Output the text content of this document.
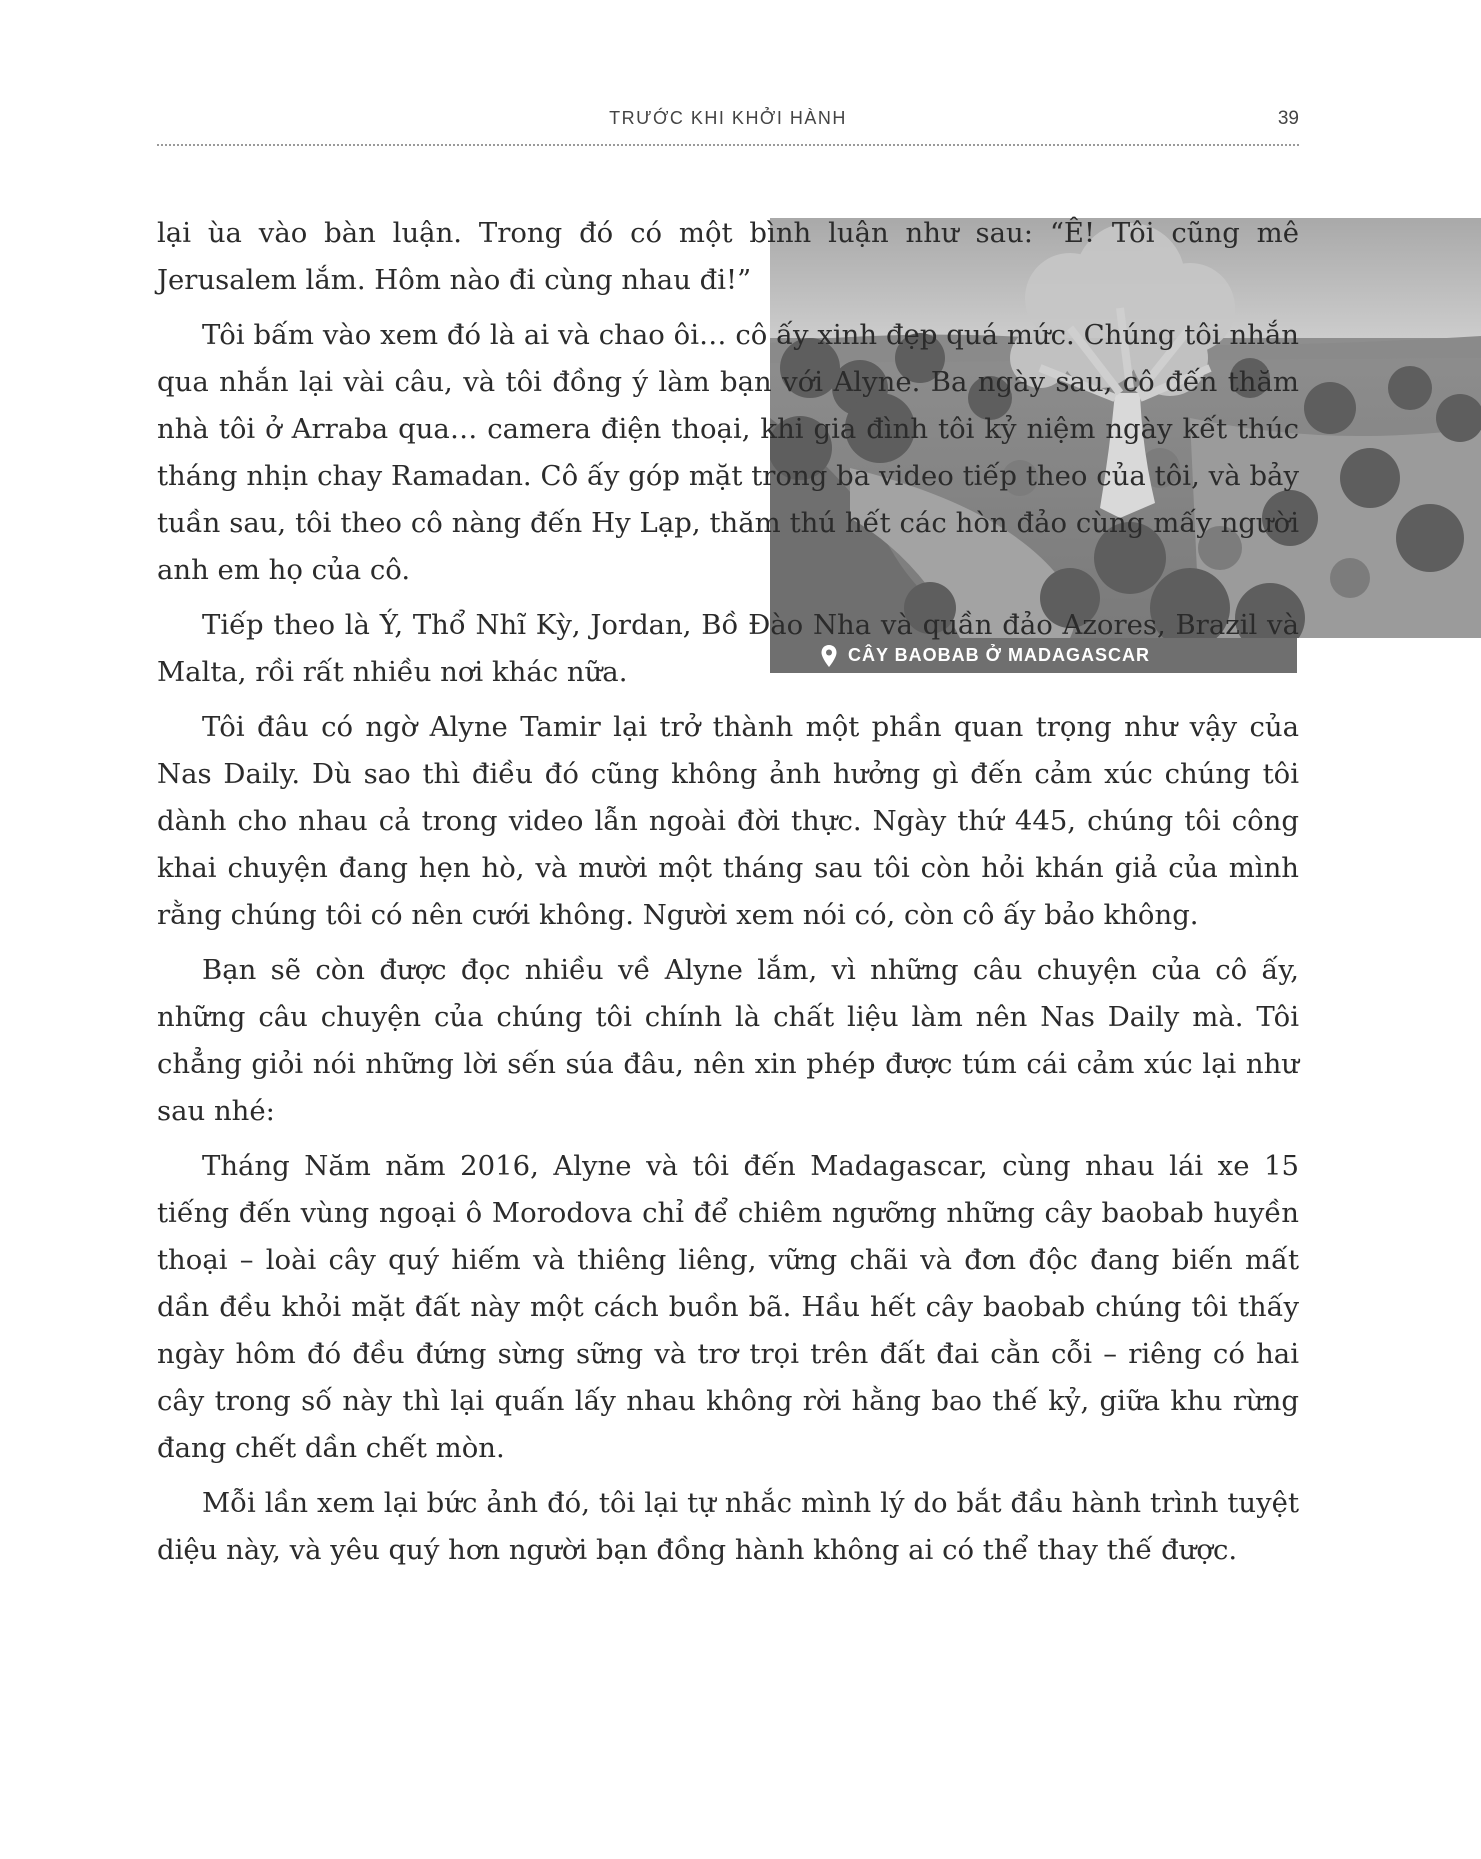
TRƯỚC KHI KHỞI HÀNH	39
CÂY BAOBAB Ở MADAGASCAR

lại ùa vào bàn luận. Trong đó có một bình luận như sau: “Ê! Tôi cũng mê Jerusalem lắm. Hôm nào đi cùng nhau đi!”

Tôi bấm vào xem đó là ai và chao ôi… cô ấy xinh đẹp quá mức. Chúng tôi nhắn qua nhắn lại vài câu, và tôi đồng ý làm bạn với Alyne. Ba ngày sau, cô đến thăm nhà tôi ở Arraba qua… camera điện thoại, khi gia đình tôi kỷ niệm ngày kết thúc tháng nhịn chay Ramadan. Cô ấy góp mặt trong ba video tiếp theo của tôi, và bảy tuần sau, tôi theo cô nàng đến Hy Lạp, thăm thú hết các hòn đảo cùng mấy người anh em họ của cô.

Tiếp theo là Ý, Thổ Nhĩ Kỳ, Jordan, Bồ Đào Nha và quần đảo Azores, Brazil và Malta, rồi rất nhiều nơi khác nữa.

Tôi đâu có ngờ Alyne Tamir lại trở thành một phần quan trọng như vậy của Nas Daily. Dù sao thì điều đó cũng không ảnh hưởng gì đến cảm xúc chúng tôi dành cho nhau cả trong video lẫn ngoài đời thực. Ngày thứ 445, chúng tôi công khai chuyện đang hẹn hò, và mười một tháng sau tôi còn hỏi khán giả của mình rằng chúng tôi có nên cưới không. Người xem nói có, còn cô ấy bảo không.

Bạn sẽ còn được đọc nhiều về Alyne lắm, vì những câu chuyện của cô ấy, những câu chuyện của chúng tôi chính là chất liệu làm nên Nas Daily mà. Tôi chẳng giỏi nói những lời sến súa đâu, nên xin phép được túm cái cảm xúc lại như sau nhé:

Tháng Năm năm 2016, Alyne và tôi đến Madagascar, cùng nhau lái xe 15 tiếng đến vùng ngoại ô Morodova chỉ để chiêm ngưỡng những cây baobab huyền thoại – loài cây quý hiếm và thiêng liêng, vững chãi và đơn độc đang biến mất dần đều khỏi mặt đất này một cách buồn bã. Hầu hết cây baobab chúng tôi thấy ngày hôm đó đều đứng sừng sững và trơ trọi trên đất đai cằn cỗi – riêng có hai cây trong số này thì lại quấn lấy nhau không rời hằng bao thế kỷ, giữa khu rừng đang chết dần chết mòn.

Mỗi lần xem lại bức ảnh đó, tôi lại tự nhắc mình lý do bắt đầu hành trình tuyệt diệu này, và yêu quý hơn người bạn đồng hành không ai có thể thay thế được.
